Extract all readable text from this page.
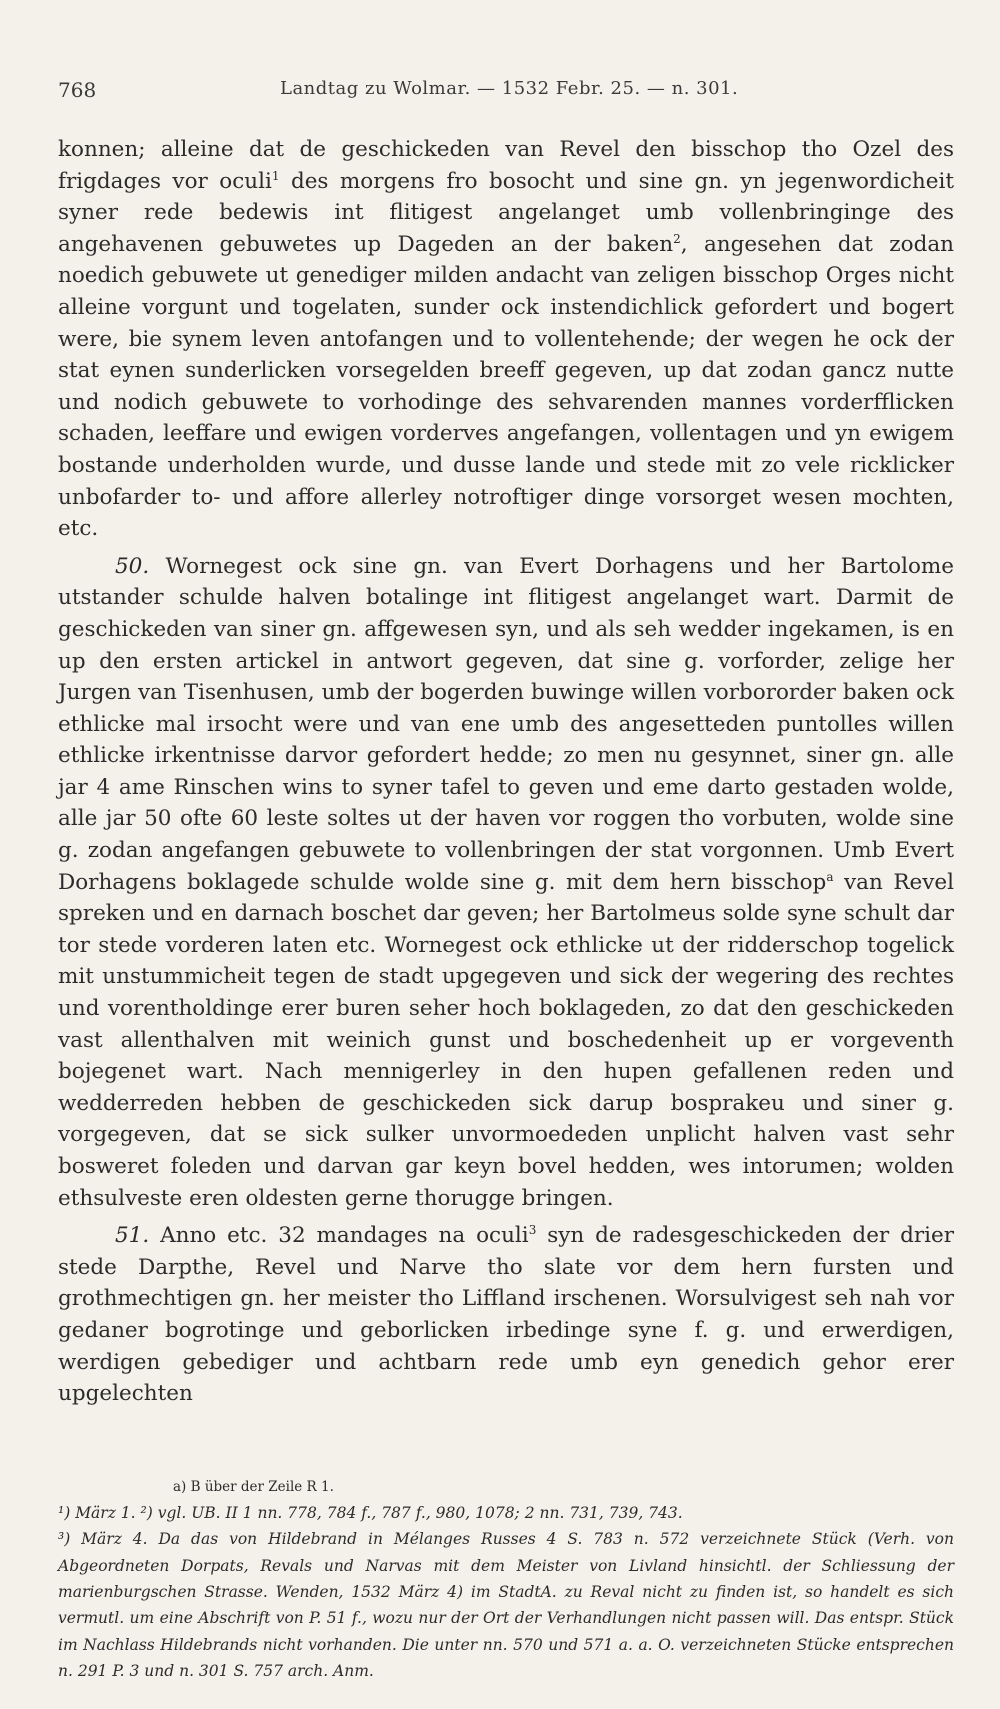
768	Landtag zu Wolmar. — 1532 Febr. 25. — n. 301.

konnen; alleine dat de geschickeden van Revel den bisschop tho Ozel des frigdages vor oculi$^1$ des morgens fro bosocht und sine gn. yn jegenwordicheit syner rede bedewis int flitigest angelanget umb vollenbringinge des angehavenen gebuwetes up Dageden an der baken$^2$, angesehen dat zodan noedich gebuwete ut genediger milden andacht van zeligen bisschop Orges nicht alleine vorgunt und togelaten, sunder ock instendichlick gefordert und bogert were, bie synem leven antofangen und to vollentehende; der wegen he ock der stat eynen sunderlicken vorsegelden breeff gegeven, up dat zodan gancz nutte und nodich gebuwete to vorhodinge des sehvarenden mannes vorderfflicken schaden, leeffare und ewigen vorderves angefangen, vollentagen und yn ewigem bostande underholden wurde, und dusse lande und stede mit zo vele ricklicker unbofarder to- und affore allerley notroftiger dinge vorsorget wesen mochten, etc.

50. Wornegest ock sine gn. van Evert Dorhagens und her Bartolome utstander schulde halven botalinge int flitigest angelanget wart. Darmit de geschickeden van siner gn. affgewesen syn, und als seh wedder ingekamen, is en up den ersten artickel in antwort gegeven, dat sine g. vorforder, zelige her Jurgen van Tisenhusen, umb der bogerden buwinge willen vorbororder baken ock ethlicke mal irsocht were und van ene umb des angesetteden puntolles willen ethlicke irkentnisse darvor gefordert hedde; zo men nu gesynnet, siner gn. alle jar 4 ame Rinschen wins to syner tafel to geven und eme darto gestaden wolde, alle jar 50 ofte 60 leste soltes ut der haven vor roggen tho vorbuten, wolde sine g. zodan angefangen gebuwete to vollenbringen der stat vorgonnen. Umb Evert Dorhagens boklagede schulde wolde sine g. mit dem hern bisschop$^a$ van Revel spreken und en darnach boschet dar geven; her Bartolmeus solde syne schult dar tor stede vorderen laten etc. Wornegest ock ethlicke ut der ridderschop togelick mit unstummicheit tegen de stadt upgegeven und sick der wegering des rechtes und vorentholdinge erer buren seher hoch boklageden, zo dat den geschickeden vast allenthalven mit weinich gunst und boschedenheit up er vorgeventh bojegenet wart. Nach mennigerley in den hupen gefallenen reden und wedderreden hebben de geschickeden sick darup bosprakeu und siner g. vorgegeven, dat se sick sulker unvormoededen unplicht halven vast sehr bosweret foleden und darvan gar keyn bovel hedden, wes intorumen; wolden ethsulveste eren oldesten gerne thorugge bringen.

51. Anno etc. 32 mandages na oculi$^3$ syn de radesgeschickeden der drier stede Darpthe, Revel und Narve tho slate vor dem hern fursten und grothmechtigen gn. her meister tho Liffland irschenen. Worsulvigest seh nah vor gedaner bogrotinge und geborlicken irbedinge syne f. g. und erwerdigen, werdigen gebediger und achtbarn rede umb eyn genedich gehor erer upgelechten

a) B über der Zeile R 1.

¹) März 1. ²) vgl. UB. II 1 nn. 778, 784 f., 787 f., 980, 1078; 2 nn. 731, 739, 743.

³) März 4. Da das von Hildebrand in Mélanges Russes 4 S. 783 n. 572 verzeichnete Stück (Verh. von Abgeordneten Dorpats, Revals und Narvas mit dem Meister von Livland hinsichtl. der Schliessung der marienburgschen Strasse. Wenden, 1532 März 4) im StadtA. zu Reval nicht zu finden ist, so handelt es sich vermutl. um eine Abschrift von P. 51 f., wozu nur der Ort der Verhandlungen nicht passen will. Das entspr. Stück im Nachlass Hildebrands nicht vorhanden. Die unter nn. 570 und 571 a. a. O. verzeichneten Stücke entsprechen n. 291 P. 3 und n. 301 S. 757 arch. Anm.
